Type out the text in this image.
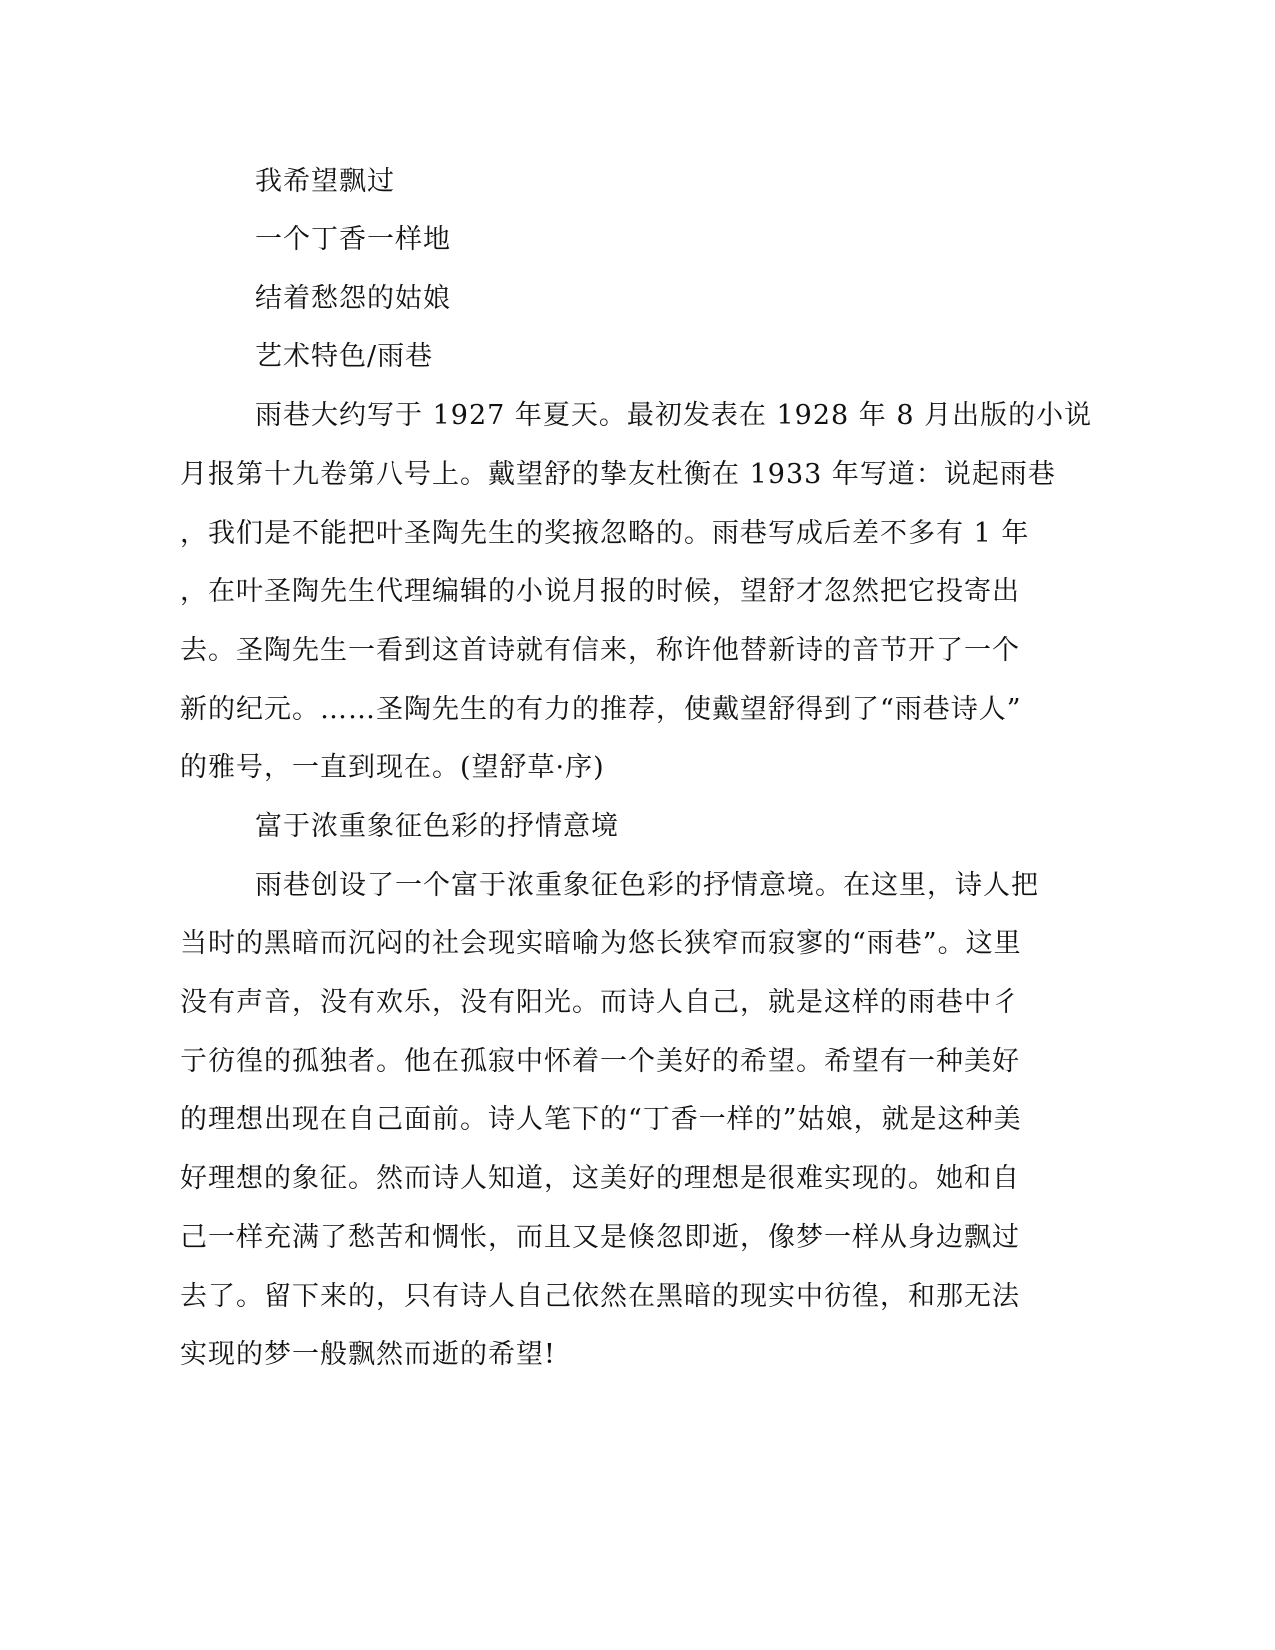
我希望飘过
一个丁香一样地
结着愁怨的姑娘
艺术特色/雨巷
雨巷大约写于 1927 年夏天。最初发表在 1928 年 8 月出版的小说
月报第十九卷第八号上。戴望舒的挚友杜衡在 1933 年写道：说起雨巷
，我们是不能把叶圣陶先生的奖掖忽略的。雨巷写成后差不多有 1 年
，在叶圣陶先生代理编辑的小说月报的时候，望舒才忽然把它投寄出
去。圣陶先生一看到这首诗就有信来，称许他替新诗的音节开了一个
新的纪元。……圣陶先生的有力的推荐，使戴望舒得到了“雨巷诗人”
的雅号，一直到现在。(望舒草·序)
富于浓重象征色彩的抒情意境
雨巷创设了一个富于浓重象征色彩的抒情意境。在这里，诗人把
当时的黑暗而沉闷的社会现实暗喻为悠长狭窄而寂寥的“雨巷”。这里
没有声音，没有欢乐，没有阳光。而诗人自己，就是这样的雨巷中彳
亍彷徨的孤独者。他在孤寂中怀着一个美好的希望。希望有一种美好
的理想出现在自己面前。诗人笔下的“丁香一样的”姑娘，就是这种美
好理想的象征。然而诗人知道，这美好的理想是很难实现的。她和自
己一样充满了愁苦和惆怅，而且又是倏忽即逝，像梦一样从身边飘过
去了。留下来的，只有诗人自己依然在黑暗的现实中彷徨，和那无法
实现的梦一般飘然而逝的希望!
